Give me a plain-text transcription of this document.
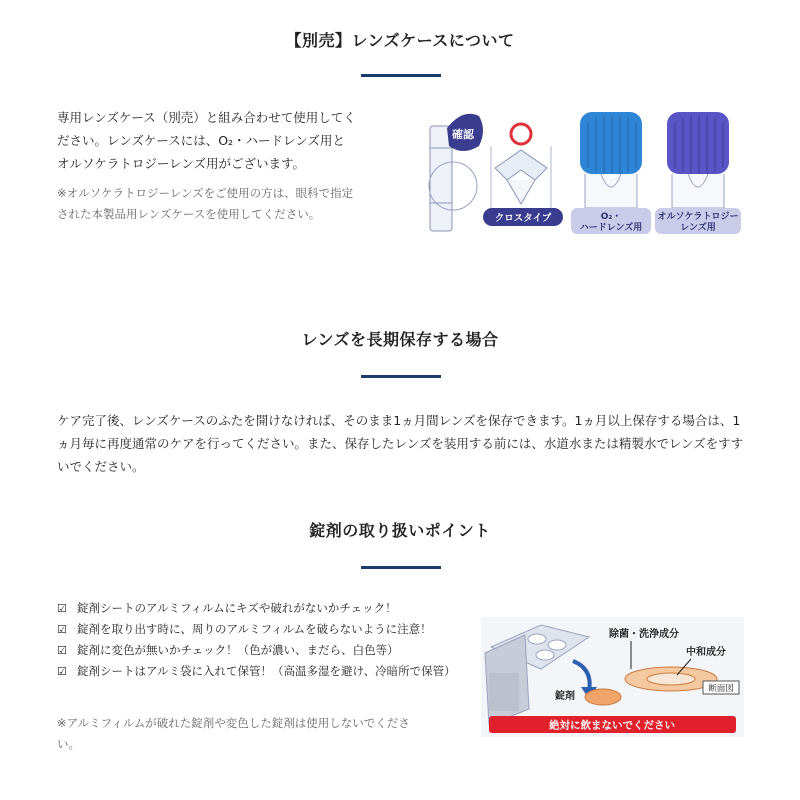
【別売】レンズケースについて
専用レンズケース（別売）と組み合わせて使用してください。レンズケースには、O₂・ハードレンズ用とオルソケラトロジーレンズ用がございます。
※オルソケラトロジーレンズをご使用の方は、眼科で指定された本製品用レンズケースを使用してください。
確認
クロスタイプ	O₂・
ハードレンズ用
オルソケラトロジー
レンズ用
レンズを長期保存する場合
ケア完了後、レンズケースのふたを開けなければ、そのまま1ヵ月間レンズを保存できます。1ヵ月以上保存する場合は、1ヵ月毎に再度通常のケアを行ってください。また、保存したレンズを装用する前には、水道水または精製水でレンズをすすいでください。
錠剤の取り扱いポイント
☑ 錠剤シートのアルミフィルムにキズや破れがないかチェック！
☑ 錠剤を取り出す時に、周りのアルミフィルムを破らないように注意！
☑ 錠剤に変色が無いかチェック！（色が濃い、まだら、白色等）
☑ 錠剤シートはアルミ袋に入れて保管！（高温多湿を避け、冷暗所で保管）
※アルミフィルムが破れた錠剤や変色した錠剤は使用しないでください。
錠剤
除菌・洗浄成分
中和成分
断面図
絶対に飲まないでください
